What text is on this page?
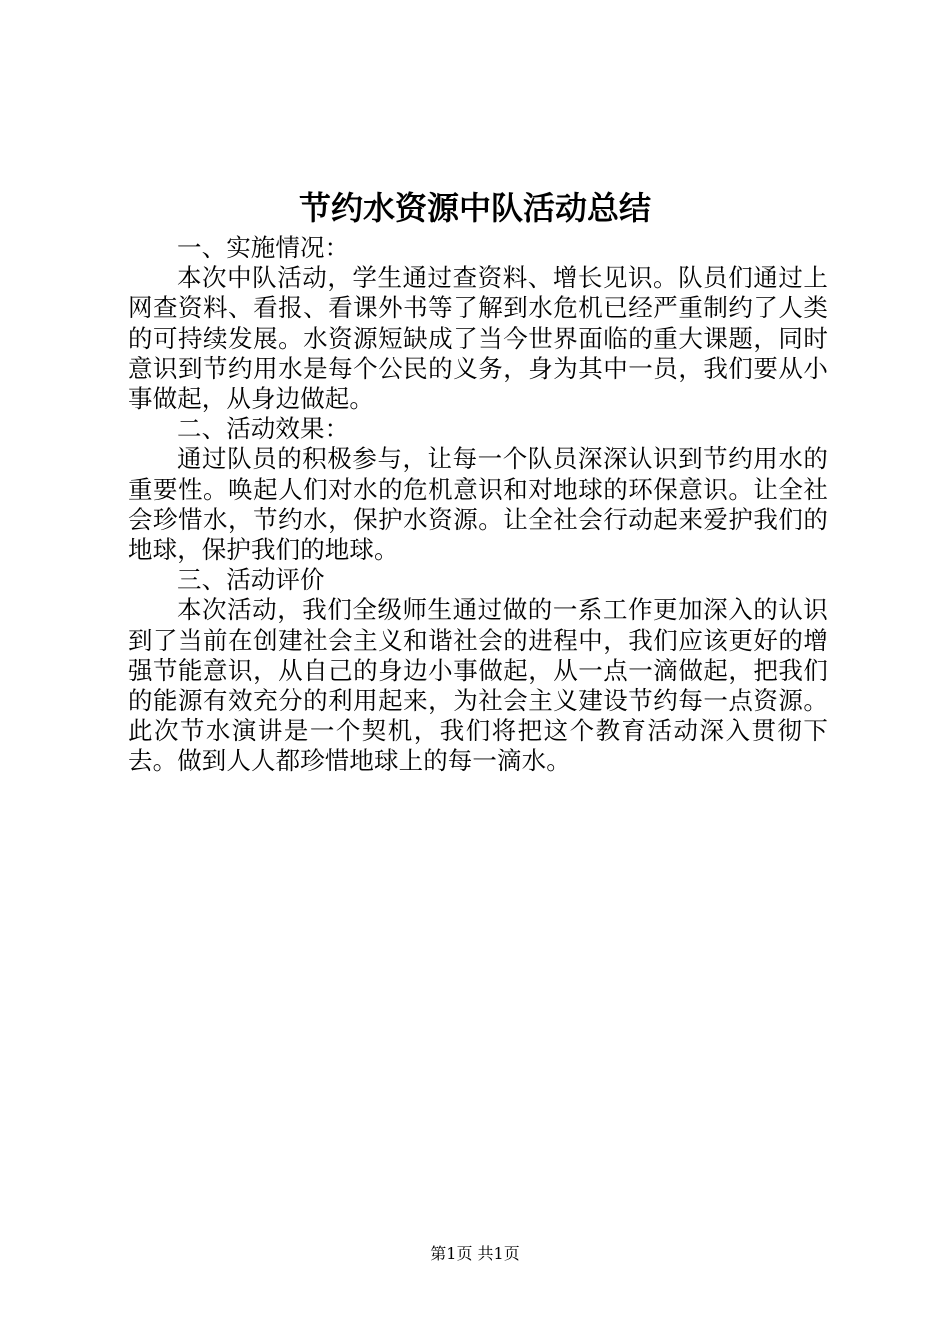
节约水资源中队活动总结

一、实施情况：

本次中队活动，学生通过查资料、增长见识。队员们通过上网查资料、看报、看课外书等了解到水危机已经严重制约了人类的可持续发展。水资源短缺成了当今世界面临的重大课题，同时意识到节约用水是每个公民的义务，身为其中一员，我们要从小事做起，从身边做起。

二、活动效果：

通过队员的积极参与，让每一个队员深深认识到节约用水的重要性。唤起人们对水的危机意识和对地球的环保意识。让全社会珍惜水，节约水，保护水资源。让全社会行动起来爱护我们的地球，保护我们的地球。

三、活动评价

本次活动，我们全级师生通过做的一系工作更加深入的认识到了当前在创建社会主义和谐社会的进程中，我们应该更好的增强节能意识，从自己的身边小事做起，从一点一滴做起，把我们的能源有效充分的利用起来，为社会主义建设节约每一点资源。此次节水演讲是一个契机，我们将把这个教育活动深入贯彻下去。做到人人都珍惜地球上的每一滴水。

第1页 共1页
